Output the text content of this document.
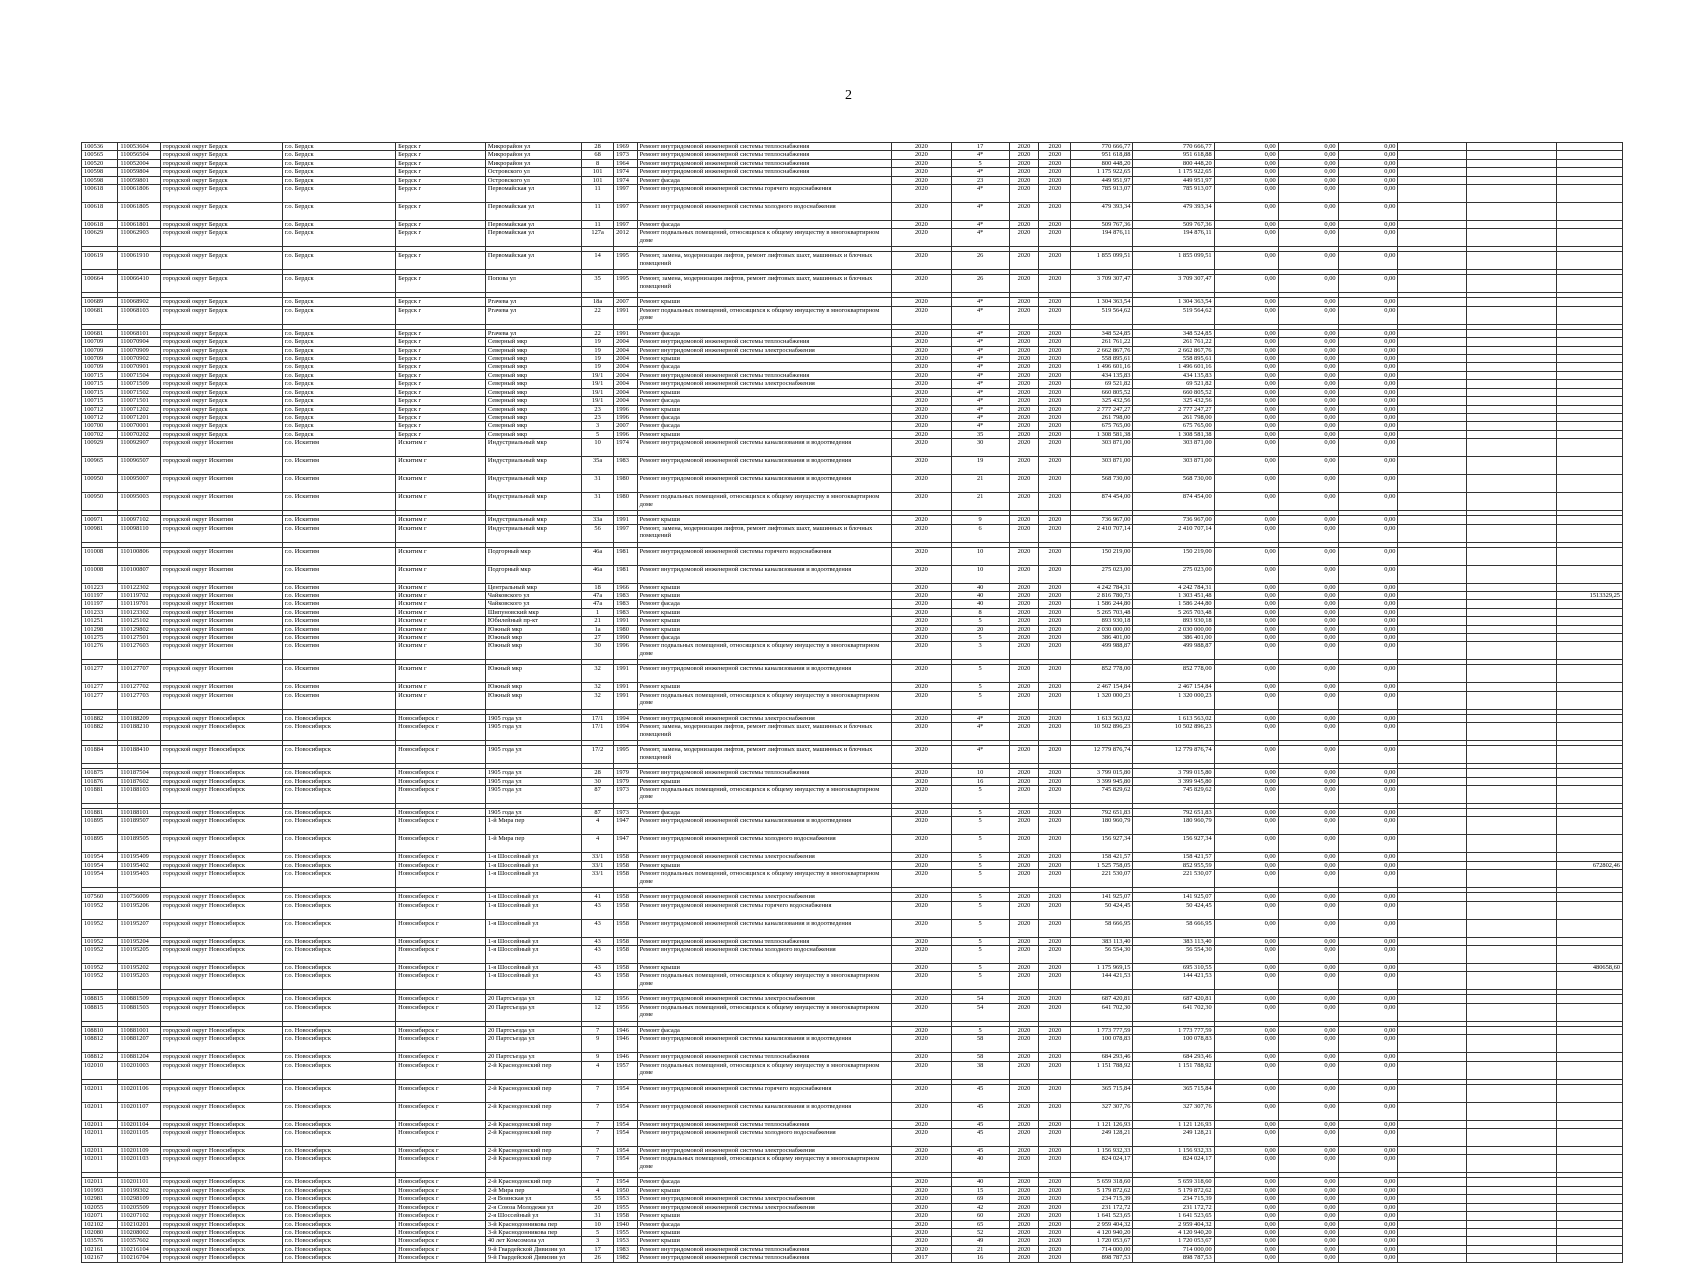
2
100536	110053604	городской округ Бердск	г.о. Бердск	Бердск г	Микрорайон ул	28	1969	Ремонт внутридомовой инженерной системы теплоснабжения	2020	17	2020	2020	770 666,77	770 666,77	0,00	0,00	0,00			
100565	110056504	городской округ Бердск	г.о. Бердск	Бердск г	Микрорайон ул	68	1973	Ремонт внутридомовой инженерной системы теплоснабжения	2020	4*	2020	2020	951 618,88	951 618,88	0,00	0,00	0,00			
100520	110052004	городской округ Бердск	г.о. Бердск	Бердск г	Микрорайон ул	8	1964	Ремонт внутридомовой инженерной системы теплоснабжения	2020	5	2020	2020	800 448,20	800 448,20	0,00	0,00	0,00			
100598	110059804	городской округ Бердск	г.о. Бердск	Бердск г	Островского ул	101	1974	Ремонт внутридомовой инженерной системы теплоснабжения	2020	4*	2020	2020	1 175 922,65	1 175 922,65	0,00	0,00	0,00			
100598	110059801	городской округ Бердск	г.о. Бердск	Бердск г	Островского ул	101	1974	Ремонт фасада	2020	23	2020	2020	449 951,97	449 951,97	0,00	0,00	0,00			
100618	110061806	городской округ Бердск	г.о. Бердск	Бердск г	Первомайская ул	11	1997	Ремонт внутридомовой инженерной системы горячего водоснабжения	2020	4*	2020	2020	785 913,07	785 913,07	0,00	0,00	0,00			
100618	110061805	городской округ Бердск	г.о. Бердск	Бердск г	Первомайская ул	11	1997	Ремонт внутридомовой инженерной системы холодного водоснабжения	2020	4*	2020	2020	479 393,34	479 393,34	0,00	0,00	0,00			
100618	110061801	городской округ Бердск	г.о. Бердск	Бердск г	Первомайская ул	11	1997	Ремонт фасада	2020	4*	2020	2020	509 767,36	509 767,36	0,00	0,00	0,00			
100629	110062903	городской округ Бердск	г.о. Бердск	Бердск г	Первомайская ул	127а	2012	Ремонт подвальных помещений, относящихся к общему имуществу в многоквартирном доме	2020	4*	2020	2020	194 876,11	194 876,11	0,00	0,00	0,00			

100619	110061910	городской округ Бердск	г.о. Бердск	Бердск г	Первомайская ул	14	1995	Ремонт, замена, модернизация лифтов, ремонт лифтовых шахт, машинных и блочных помещений	2020	26	2020	2020	1 855 099,51	1 855 099,51	0,00	0,00	0,00			

100664	110066410	городской округ Бердск	г.о. Бердск	Бердск г	Попова ул	35	1995	Ремонт, замена, модернизация лифтов, ремонт лифтовых шахт, машинных и блочных помещений	2020	26	2020	2020	3 709 307,47	3 709 307,47	0,00	0,00	0,00			

100689	110068902	городской округ Бердск	г.о. Бердск	Бердск г	Ргачева ул	18а	2007	Ремонт крыши	2020	4*	2020	2020	1 304 363,54	1 304 363,54	0,00	0,00	0,00			
100681	110068103	городской округ Бердск	г.о. Бердск	Бердск г	Ргачева ул	22	1991	Ремонт подвальных помещений, относящихся к общему имуществу в многоквартирном доме	2020	4*	2020	2020	519 564,62	519 564,62	0,00	0,00	0,00			

100681	110068101	городской округ Бердск	г.о. Бердск	Бердск г	Ргачева ул	22	1991	Ремонт фасада	2020	4*	2020	2020	348 524,85	348 524,85	0,00	0,00	0,00			
100709	110070904	городской округ Бердск	г.о. Бердск	Бердск г	Северный мкр	19	2004	Ремонт внутридомовой инженерной системы теплоснабжения	2020	4*	2020	2020	261 761,22	261 761,22	0,00	0,00	0,00			
100709	110070909	городской округ Бердск	г.о. Бердск	Бердск г	Северный мкр	19	2004	Ремонт внутридомовой инженерной системы электроснабжения	2020	4*	2020	2020	2 662 867,76	2 662 867,76	0,00	0,00	0,00			
100709	110070902	городской округ Бердск	г.о. Бердск	Бердск г	Северный мкр	19	2004	Ремонт крыши	2020	4*	2020	2020	558 895,61	558 895,61	0,00	0,00	0,00			
100709	110070901	городской округ Бердск	г.о. Бердск	Бердск г	Северный мкр	19	2004	Ремонт фасада	2020	4*	2020	2020	1 496 601,16	1 496 601,16	0,00	0,00	0,00			
100715	110071504	городской округ Бердск	г.о. Бердск	Бердск г	Северный мкр	19/1	2004	Ремонт внутридомовой инженерной системы теплоснабжения	2020	4*	2020	2020	434 135,83	434 135,83	0,00	0,00	0,00			
100715	110071509	городской округ Бердск	г.о. Бердск	Бердск г	Северный мкр	19/1	2004	Ремонт внутридомовой инженерной системы электроснабжения	2020	4*	2020	2020	69 521,82	69 521,82	0,00	0,00	0,00			
100715	110071502	городской округ Бердск	г.о. Бердск	Бердск г	Северный мкр	19/1	2004	Ремонт крыши	2020	4*	2020	2020	660 805,52	660 805,52	0,00	0,00	0,00			
100715	110071501	городской округ Бердск	г.о. Бердск	Бердск г	Северный мкр	19/1	2004	Ремонт фасада	2020	4*	2020	2020	325 432,56	325 432,56	0,00	0,00	0,00			
100712	110071202	городской округ Бердск	г.о. Бердск	Бердск г	Северный мкр	23	1996	Ремонт крыши	2020	4*	2020	2020	2 777 247,27	2 777 247,27	0,00	0,00	0,00			
100712	110071201	городской округ Бердск	г.о. Бердск	Бердск г	Северный мкр	23	1996	Ремонт фасада	2020	4*	2020	2020	261 798,00	261 798,00	0,00	0,00	0,00			
100700	110070001	городской округ Бердск	г.о. Бердск	Бердск г	Северный мкр	3	2007	Ремонт фасада	2020	4*	2020	2020	675 765,00	675 765,00	0,00	0,00	0,00			
100702	110070202	городской округ Бердск	г.о. Бердск	Бердск г	Северный мкр	5	1996	Ремонт крыши	2020	35	2020	2020	1 308 581,38	1 308 581,38	0,00	0,00	0,00			
100929	110092907	городской округ Искитим	г.о. Искитим	Искитим г	Индустриальный мкр	10	1974	Ремонт внутридомовой инженерной системы канализования и водоотведения	2020	30	2020	2020	303 871,00	303 871,00	0,00	0,00	0,00			
100965	110096507	городской округ Искитим	г.о. Искитим	Искитим г	Индустриальный мкр	35а	1983	Ремонт внутридомовой инженерной системы канализования и водоотведения	2020	19	2020	2020	303 871,00	303 871,00	0,00	0,00	0,00			
100950	110095007	городской округ Искитим	г.о. Искитим	Искитим г	Индустриальный мкр	31	1980	Ремонт внутридомовой инженерной системы канализования и водоотведения	2020	21	2020	2020	568 730,00	568 730,00	0,00	0,00	0,00			
100950	110095003	городской округ Искитим	г.о. Искитим	Искитим г	Индустриальный мкр	31	1980	Ремонт подвальных помещений, относящихся к общему имуществу в многоквартирном доме	2020	21	2020	2020	874 454,00	874 454,00	0,00	0,00	0,00			

100971	110097102	городской округ Искитим	г.о. Искитим	Искитим г	Индустриальный мкр	33а	1991	Ремонт крыши	2020	9	2020	2020	736 967,00	736 967,00	0,00	0,00	0,00			
100981	110098110	городской округ Искитим	г.о. Искитим	Искитим г	Индустриальный мкр	56	1997	Ремонт, замена, модернизация лифтов, ремонт лифтовых шахт, машинных и блочных помещений	2020	6	2020	2020	2 410 707,14	2 410 707,14	0,00	0,00	0,00			

101008	110100806	городской округ Искитим	г.о. Искитим	Искитим г	Подгорный мкр	46а	1981	Ремонт внутридомовой инженерной системы горячего водоснабжения	2020	10	2020	2020	150 219,00	150 219,00	0,00	0,00	0,00			
101008	110100807	городской округ Искитим	г.о. Искитим	Искитим г	Подгорный мкр	46а	1981	Ремонт внутридомовой инженерной системы канализования и водоотведения	2020	10	2020	2020	275 023,00	275 023,00	0,00	0,00	0,00			
101223	110122302	городской округ Искитим	г.о. Искитим	Искитим г	Центральный мкр	18	1966	Ремонт крыши	2020	40	2020	2020	4 242 784,31	4 242 784,31	0,00	0,00	0,00			
101197	110119702	городской округ Искитим	г.о. Искитим	Искитим г	Чайковского ул	47а	1983	Ремонт крыши	2020	40	2020	2020	2 816 780,73	1 303 451,48	0,00	0,00	0,00			1513329,25
101197	110119701	городской округ Искитим	г.о. Искитим	Искитим г	Чайковского ул	47а	1983	Ремонт фасада	2020	40	2020	2020	1 586 244,80	1 586 244,80	0,00	0,00	0,00			
101233	110123302	городской округ Искитим	г.о. Искитим	Искитим г	Шипуновский мкр	1	1983	Ремонт крыши	2020	8	2020	2020	5 265 703,48	5 265 703,48	0,00	0,00	0,00			
101251	110125102	городской округ Искитим	г.о. Искитим	Искитим г	Юбилейный пр-кт	21	1991	Ремонт крыши	2020	5	2020	2020	893 930,18	893 930,18	0,00	0,00	0,00			
101298	110129802	городской округ Искитим	г.о. Искитим	Искитим г	Южный мкр	1а	1980	Ремонт крыши	2020	20	2020	2020	2 030 000,00	2 030 000,00	0,00	0,00	0,00			
101275	110127501	городской округ Искитим	г.о. Искитим	Искитим г	Южный мкр	27	1990	Ремонт фасада	2020	5	2020	2020	386 401,00	386 401,00	0,00	0,00	0,00			
101276	110127603	городской округ Искитим	г.о. Искитим	Искитим г	Южный мкр	30	1996	Ремонт подвальных помещений, относящихся к общему имуществу в многоквартирном доме	2020	3	2020	2020	499 988,87	499 988,87	0,00	0,00	0,00			

101277	110127707	городской округ Искитим	г.о. Искитим	Искитим г	Южный мкр	32	1991	Ремонт внутридомовой инженерной системы канализования и водоотведения	2020	5	2020	2020	852 778,00	852 778,00	0,00	0,00	0,00			
101277	110127702	городской округ Искитим	г.о. Искитим	Искитим г	Южный мкр	32	1991	Ремонт крыши	2020	5	2020	2020	2 467 154,84	2 467 154,84	0,00	0,00	0,00			
101277	110127703	городской округ Искитим	г.о. Искитим	Искитим г	Южный мкр	32	1991	Ремонт подвальных помещений, относящихся к общему имуществу в многоквартирном доме	2020	5	2020	2020	1 320 000,23	1 320 000,23	0,00	0,00	0,00			

101882	110188209	городской округ Новосибирск	г.о. Новосибирск	Новосибирск г	1905 года ул	17/1	1994	Ремонт внутридомовой инженерной системы электроснабжения	2020	4*	2020	2020	1 613 563,02	1 613 563,02	0,00	0,00	0,00			
101882	110188210	городской округ Новосибирск	г.о. Новосибирск	Новосибирск г	1905 года ул	17/1	1994	Ремонт, замена, модернизация лифтов, ремонт лифтовых шахт, машинных и блочных помещений	2020	4*	2020	2020	10 502 896,23	10 502 896,23	0,00	0,00	0,00			

101884	110188410	городской округ Новосибирск	г.о. Новосибирск	Новосибирск г	1905 года ул	17/2	1995	Ремонт, замена, модернизация лифтов, ремонт лифтовых шахт, машинных и блочных помещений	2020	4*	2020	2020	12 779 876,74	12 779 876,74	0,00	0,00	0,00			

101875	110187504	городской округ Новосибирск	г.о. Новосибирск	Новосибирск г	1905 года ул	28	1979	Ремонт внутридомовой инженерной системы теплоснабжения	2020	10	2020	2020	3 799 015,80	3 799 015,80	0,00	0,00	0,00			
101876	110187602	городской округ Новосибирск	г.о. Новосибирск	Новосибирск г	1905 года ул	30	1979	Ремонт крыши	2020	16	2020	2020	3 399 945,80	3 399 945,80	0,00	0,00	0,00			
101881	110188103	городской округ Новосибирск	г.о. Новосибирск	Новосибирск г	1905 года ул	87	1973	Ремонт подвальных помещений, относящихся к общему имуществу в многоквартирном доме	2020	5	2020	2020	745 829,62	745 829,62	0,00	0,00	0,00			

101881	110188101	городской округ Новосибирск	г.о. Новосибирск	Новосибирск г	1905 года ул	87	1973	Ремонт фасада	2020	5	2020	2020	792 651,83	792 651,83	0,00	0,00	0,00			
101895	110189507	городской округ Новосибирск	г.о. Новосибирск	Новосибирск г	1-й Мира пер	4	1947	Ремонт внутридомовой инженерной системы канализования и водоотведения	2020	5	2020	2020	180 960,79	180 960,79	0,00	0,00	0,00			
101895	110189505	городской округ Новосибирск	г.о. Новосибирск	Новосибирск г	1-й Мира пер	4	1947	Ремонт внутридомовой инженерной системы холодного водоснабжения	2020	5	2020	2020	156 927,34	156 927,34	0,00	0,00	0,00			
101954	110195409	городской округ Новосибирск	г.о. Новосибирск	Новосибирск г	1-я Шоссейный ул	33/1	1958	Ремонт внутридомовой инженерной системы электроснабжения	2020	5	2020	2020	158 421,57	158 421,57	0,00	0,00	0,00			
101954	110195402	городской округ Новосибирск	г.о. Новосибирск	Новосибирск г	1-я Шоссейный ул	33/1	1958	Ремонт крыши	2020	5	2020	2020	1 525 758,05	852 955,59	0,00	0,00	0,00			672802,46
101954	110195403	городской округ Новосибирск	г.о. Новосибирск	Новосибирск г	1-я Шоссейный ул	33/1	1958	Ремонт подвальных помещений, относящихся к общему имуществу в многоквартирном доме	2020	5	2020	2020	221 530,07	221 530,07	0,00	0,00	0,00			

107560	110756009	городской округ Новосибирск	г.о. Новосибирск	Новосибирск г	1-я Шоссейный ул	41	1958	Ремонт внутридомовой инженерной системы электроснабжения	2020	5	2020	2020	141 925,07	141 925,07	0,00	0,00	0,00			
101952	110195206	городской округ Новосибирск	г.о. Новосибирск	Новосибирск г	1-я Шоссейный ул	43	1958	Ремонт внутридомовой инженерной системы горячего водоснабжения	2020	5	2020	2020	50 424,45	50 424,45	0,00	0,00	0,00			
101952	110195207	городской округ Новосибирск	г.о. Новосибирск	Новосибирск г	1-я Шоссейный ул	43	1958	Ремонт внутридомовой инженерной системы канализования и водоотведения	2020	5	2020	2020	58 666,95	58 666,95	0,00	0,00	0,00			
101952	110195204	городской округ Новосибирск	г.о. Новосибирск	Новосибирск г	1-я Шоссейный ул	43	1958	Ремонт внутридомовой инженерной системы теплоснабжения	2020	5	2020	2020	383 113,40	383 113,40	0,00	0,00	0,00			
101952	110195205	городской округ Новосибирск	г.о. Новосибирск	Новосибирск г	1-я Шоссейный ул	43	1958	Ремонт внутридомовой инженерной системы холодного водоснабжения	2020	5	2020	2020	56 554,30	56 554,30	0,00	0,00	0,00			
101952	110195202	городской округ Новосибирск	г.о. Новосибирск	Новосибирск г	1-я Шоссейный ул	43	1958	Ремонт крыши	2020	5	2020	2020	1 175 969,15	695 310,55	0,00	0,00	0,00			480658,60
101952	110195203	городской округ Новосибирск	г.о. Новосибирск	Новосибирск г	1-я Шоссейный ул	43	1958	Ремонт подвальных помещений, относящихся к общему имуществу в многоквартирном доме	2020	5	2020	2020	144 421,53	144 421,53	0,00	0,00	0,00			

108815	110881509	городской округ Новосибирск	г.о. Новосибирск	Новосибирск г	20 Партсъезда ул	12	1956	Ремонт внутридомовой инженерной системы электроснабжения	2020	54	2020	2020	687 420,81	687 420,81	0,00	0,00	0,00			
108815	110881503	городской округ Новосибирск	г.о. Новосибирск	Новосибирск г	20 Партсъезда ул	12	1956	Ремонт подвальных помещений, относящихся к общему имуществу в многоквартирном доме	2020	54	2020	2020	641 702,30	641 702,30	0,00	0,00	0,00			

108810	110881001	городской округ Новосибирск	г.о. Новосибирск	Новосибирск г	20 Партсъезда ул	7	1946	Ремонт фасада	2020	5	2020	2020	1 773 777,59	1 773 777,59	0,00	0,00	0,00			
108812	110881207	городской округ Новосибирск	г.о. Новосибирск	Новосибирск г	20 Партсъезда ул	9	1946	Ремонт внутридомовой инженерной системы канализования и водоотведения	2020	58	2020	2020	100 078,83	100 078,83	0,00	0,00	0,00			
108812	110881204	городской округ Новосибирск	г.о. Новосибирск	Новосибирск г	20 Партсъезда ул	9	1946	Ремонт внутридомовой инженерной системы теплоснабжения	2020	58	2020	2020	684 293,46	684 293,46	0,00	0,00	0,00			
102010	110201003	городской округ Новосибирск	г.о. Новосибирск	Новосибирск г	2-й Краснодонский пер	4	1957	Ремонт подвальных помещений, относящихся к общему имуществу в многоквартирном доме	2020	38	2020	2020	1 151 788,92	1 151 788,92	0,00	0,00	0,00			

102011	110201106	городской округ Новосибирск	г.о. Новосибирск	Новосибирск г	2-й Краснодонский пер	7	1954	Ремонт внутридомовой инженерной системы горячего водоснабжения	2020	45	2020	2020	365 715,84	365 715,84	0,00	0,00	0,00			
102011	110201107	городской округ Новосибирск	г.о. Новосибирск	Новосибирск г	2-й Краснодонский пер	7	1954	Ремонт внутридомовой инженерной системы канализования и водоотведения	2020	45	2020	2020	327 307,76	327 307,76	0,00	0,00	0,00			
102011	110201104	городской округ Новосибирск	г.о. Новосибирск	Новосибирск г	2-й Краснодонский пер	7	1954	Ремонт внутридомовой инженерной системы теплоснабжения	2020	45	2020	2020	1 121 126,93	1 121 126,93	0,00	0,00	0,00			
102011	110201105	городской округ Новосибирск	г.о. Новосибирск	Новосибирск г	2-й Краснодонский пер	7	1954	Ремонт внутридомовой инженерной системы холодного водоснабжения	2020	45	2020	2020	249 128,21	249 128,21	0,00	0,00	0,00			
102011	110201109	городской округ Новосибирск	г.о. Новосибирск	Новосибирск г	2-й Краснодонский пер	7	1954	Ремонт внутридомовой инженерной системы электроснабжения	2020	45	2020	2020	1 156 932,33	1 156 932,33	0,00	0,00	0,00			
102011	110201103	городской округ Новосибирск	г.о. Новосибирск	Новосибирск г	2-й Краснодонский пер	7	1954	Ремонт подвальных помещений, относящихся к общему имуществу в многоквартирном доме	2020	40	2020	2020	824 024,17	824 024,17	0,00	0,00	0,00			

102011	110201101	городской округ Новосибирск	г.о. Новосибирск	Новосибирск г	2-й Краснодонский пер	7	1954	Ремонт фасада	2020	40	2020	2020	5 659 318,60	5 659 318,60	0,00	0,00	0,00			
101993	110199302	городской округ Новосибирск	г.о. Новосибирск	Новосибирск г	2-й Мира пер	4	1950	Ремонт крыши	2020	15	2020	2020	5 179 872,62	5 179 872,62	0,00	0,00	0,00			
102981	110298109	городской округ Новосибирск	г.о. Новосибирск	Новосибирск г	2-я Воинская ул	55	1953	Ремонт внутридомовой инженерной системы электроснабжения	2020	69	2020	2020	234 715,39	234 715,39	0,00	0,00	0,00			
102055	110205509	городской округ Новосибирск	г.о. Новосибирск	Новосибирск г	2-я Союза Молодежи ул	20	1955	Ремонт внутридомовой инженерной системы электроснабжения	2020	42	2020	2020	231 172,72	231 172,72	0,00	0,00	0,00			
102071	110207102	городской округ Новосибирск	г.о. Новосибирск	Новосибирск г	2-я Шоссейный ул	31	1958	Ремонт крыши	2020	60	2020	2020	1 641 523,65	1 641 523,65	0,00	0,00	0,00			
102102	110210201	городской округ Новосибирск	г.о. Новосибирск	Новосибирск г	3-й Краснодонникова пер	10	1940	Ремонт фасада	2020	65	2020	2020	2 959 404,32	2 959 404,32	0,00	0,00	0,00			
102080	110208002	городской округ Новосибирск	г.о. Новосибирск	Новосибирск г	3-й Краснодонникова пер	5	1955	Ремонт крыши	2020	52	2020	2020	4 120 940,20	4 120 940,20	0,00	0,00	0,00			
103576	110357602	городской округ Новосибирск	г.о. Новосибирск	Новосибирск г	40 лет Комсомола ул	3	1953	Ремонт крыши	2020	49	2020	2020	1 720 053,67	1 720 053,67	0,00	0,00	0,00			
102161	110216104	городской округ Новосибирск	г.о. Новосибирск	Новосибирск г	9-й Гвардейской Дивизии ул	17	1983	Ремонт внутридомовой инженерной системы теплоснабжения	2020	21	2020	2020	714 000,00	714 000,00	0,00	0,00	0,00			
102167	110216704	городской округ Новосибирск	г.о. Новосибирск	Новосибирск г	9-й Гвардейской Дивизии ул	26	1982	Ремонт внутридомовой инженерной системы теплоснабжения	2017	16	2020	2020	898 787,53	898 787,53	0,00	0,00	0,00			
